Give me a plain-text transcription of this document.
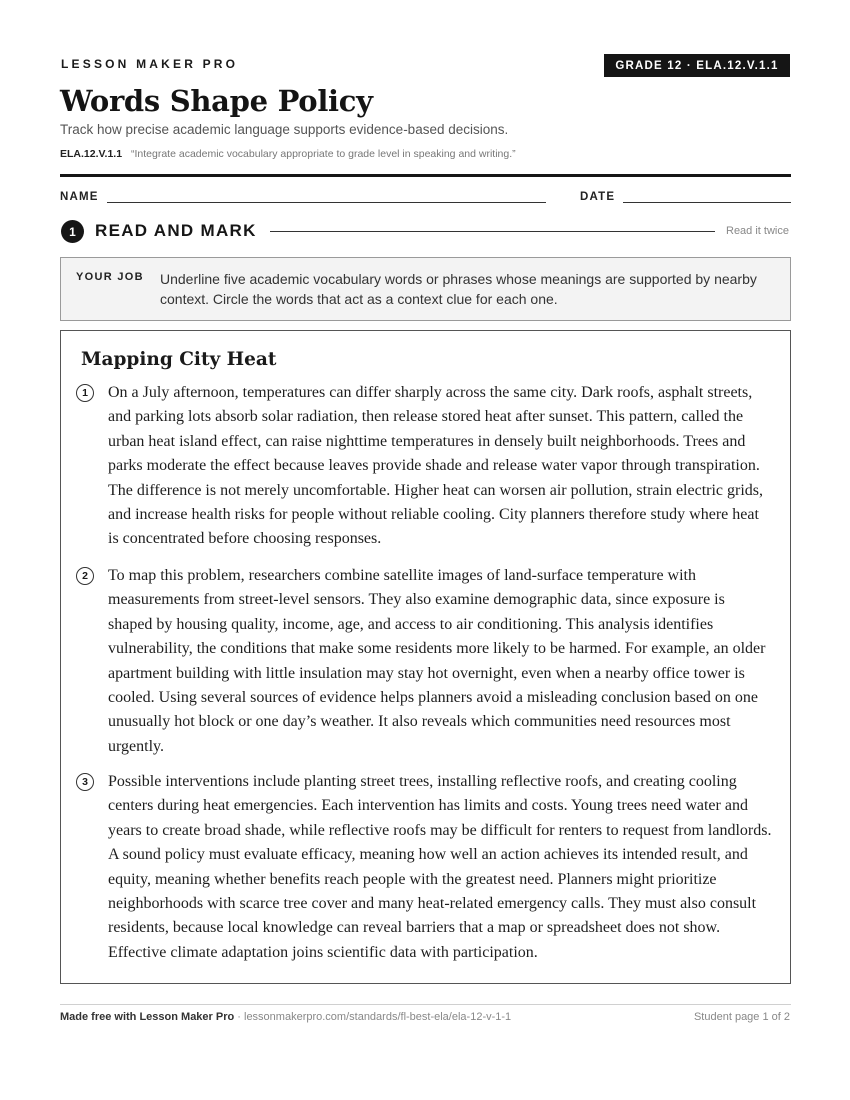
LESSON MAKER PRO	GRADE 12 · ELA.12.V.1.1
Words Shape Policy
Track how precise academic language supports evidence-based decisions.
ELA.12.V.1.1 “Integrate academic vocabulary appropriate to grade level in speaking and writing.”
NAME	DATE
1	READ AND MARK	Read it twice
YOUR JOB Underline five academic vocabulary words or phrases whose meanings are supported by nearby context. Circle the words that act as a context clue for each one.
Mapping City Heat
1	On a July afternoon, temperatures can differ sharply across the same city. Dark roofs, asphalt streets, and parking lots absorb solar radiation, then release stored heat after sunset. This pattern, called the urban heat island effect, can raise nighttime temperatures in densely built neighborhoods. Trees and parks moderate the effect because leaves provide shade and release water vapor through transpiration. The difference is not merely uncomfortable. Higher heat can worsen air pollution, strain electric grids, and increase health risks for people without reliable cooling. City planners therefore study where heat is concentrated before choosing responses.
2	To map this problem, researchers combine satellite images of land-surface temperature with measurements from street-level sensors. They also examine demographic data, since exposure is shaped by housing quality, income, age, and access to air conditioning. This analysis identifies vulnerability, the conditions that make some residents more likely to be harmed. For example, an older apartment building with little insulation may stay hot overnight, even when a nearby office tower is cooled. Using several sources of evidence helps planners avoid a misleading conclusion based on one unusually hot block or one day’s weather. It also reveals which communities need resources most urgently.
3	Possible interventions include planting street trees, installing reflective roofs, and creating cooling centers during heat emergencies. Each intervention has limits and costs. Young trees need water and years to create broad shade, while reflective roofs may be difficult for renters to request from landlords. A sound policy must evaluate efficacy, meaning how well an action achieves its intended result, and equity, meaning whether benefits reach people with the greatest need. Planners might prioritize neighborhoods with scarce tree cover and many heat-related emergency calls. They must also consult residents, because local knowledge can reveal barriers that a map or spreadsheet does not show. Effective climate adaptation joins scientific data with participation.
Made free with Lesson Maker Pro · lessonmakerpro.com/standards/fl-best-ela/ela-12-v-1-1	Student page 1 of 2
